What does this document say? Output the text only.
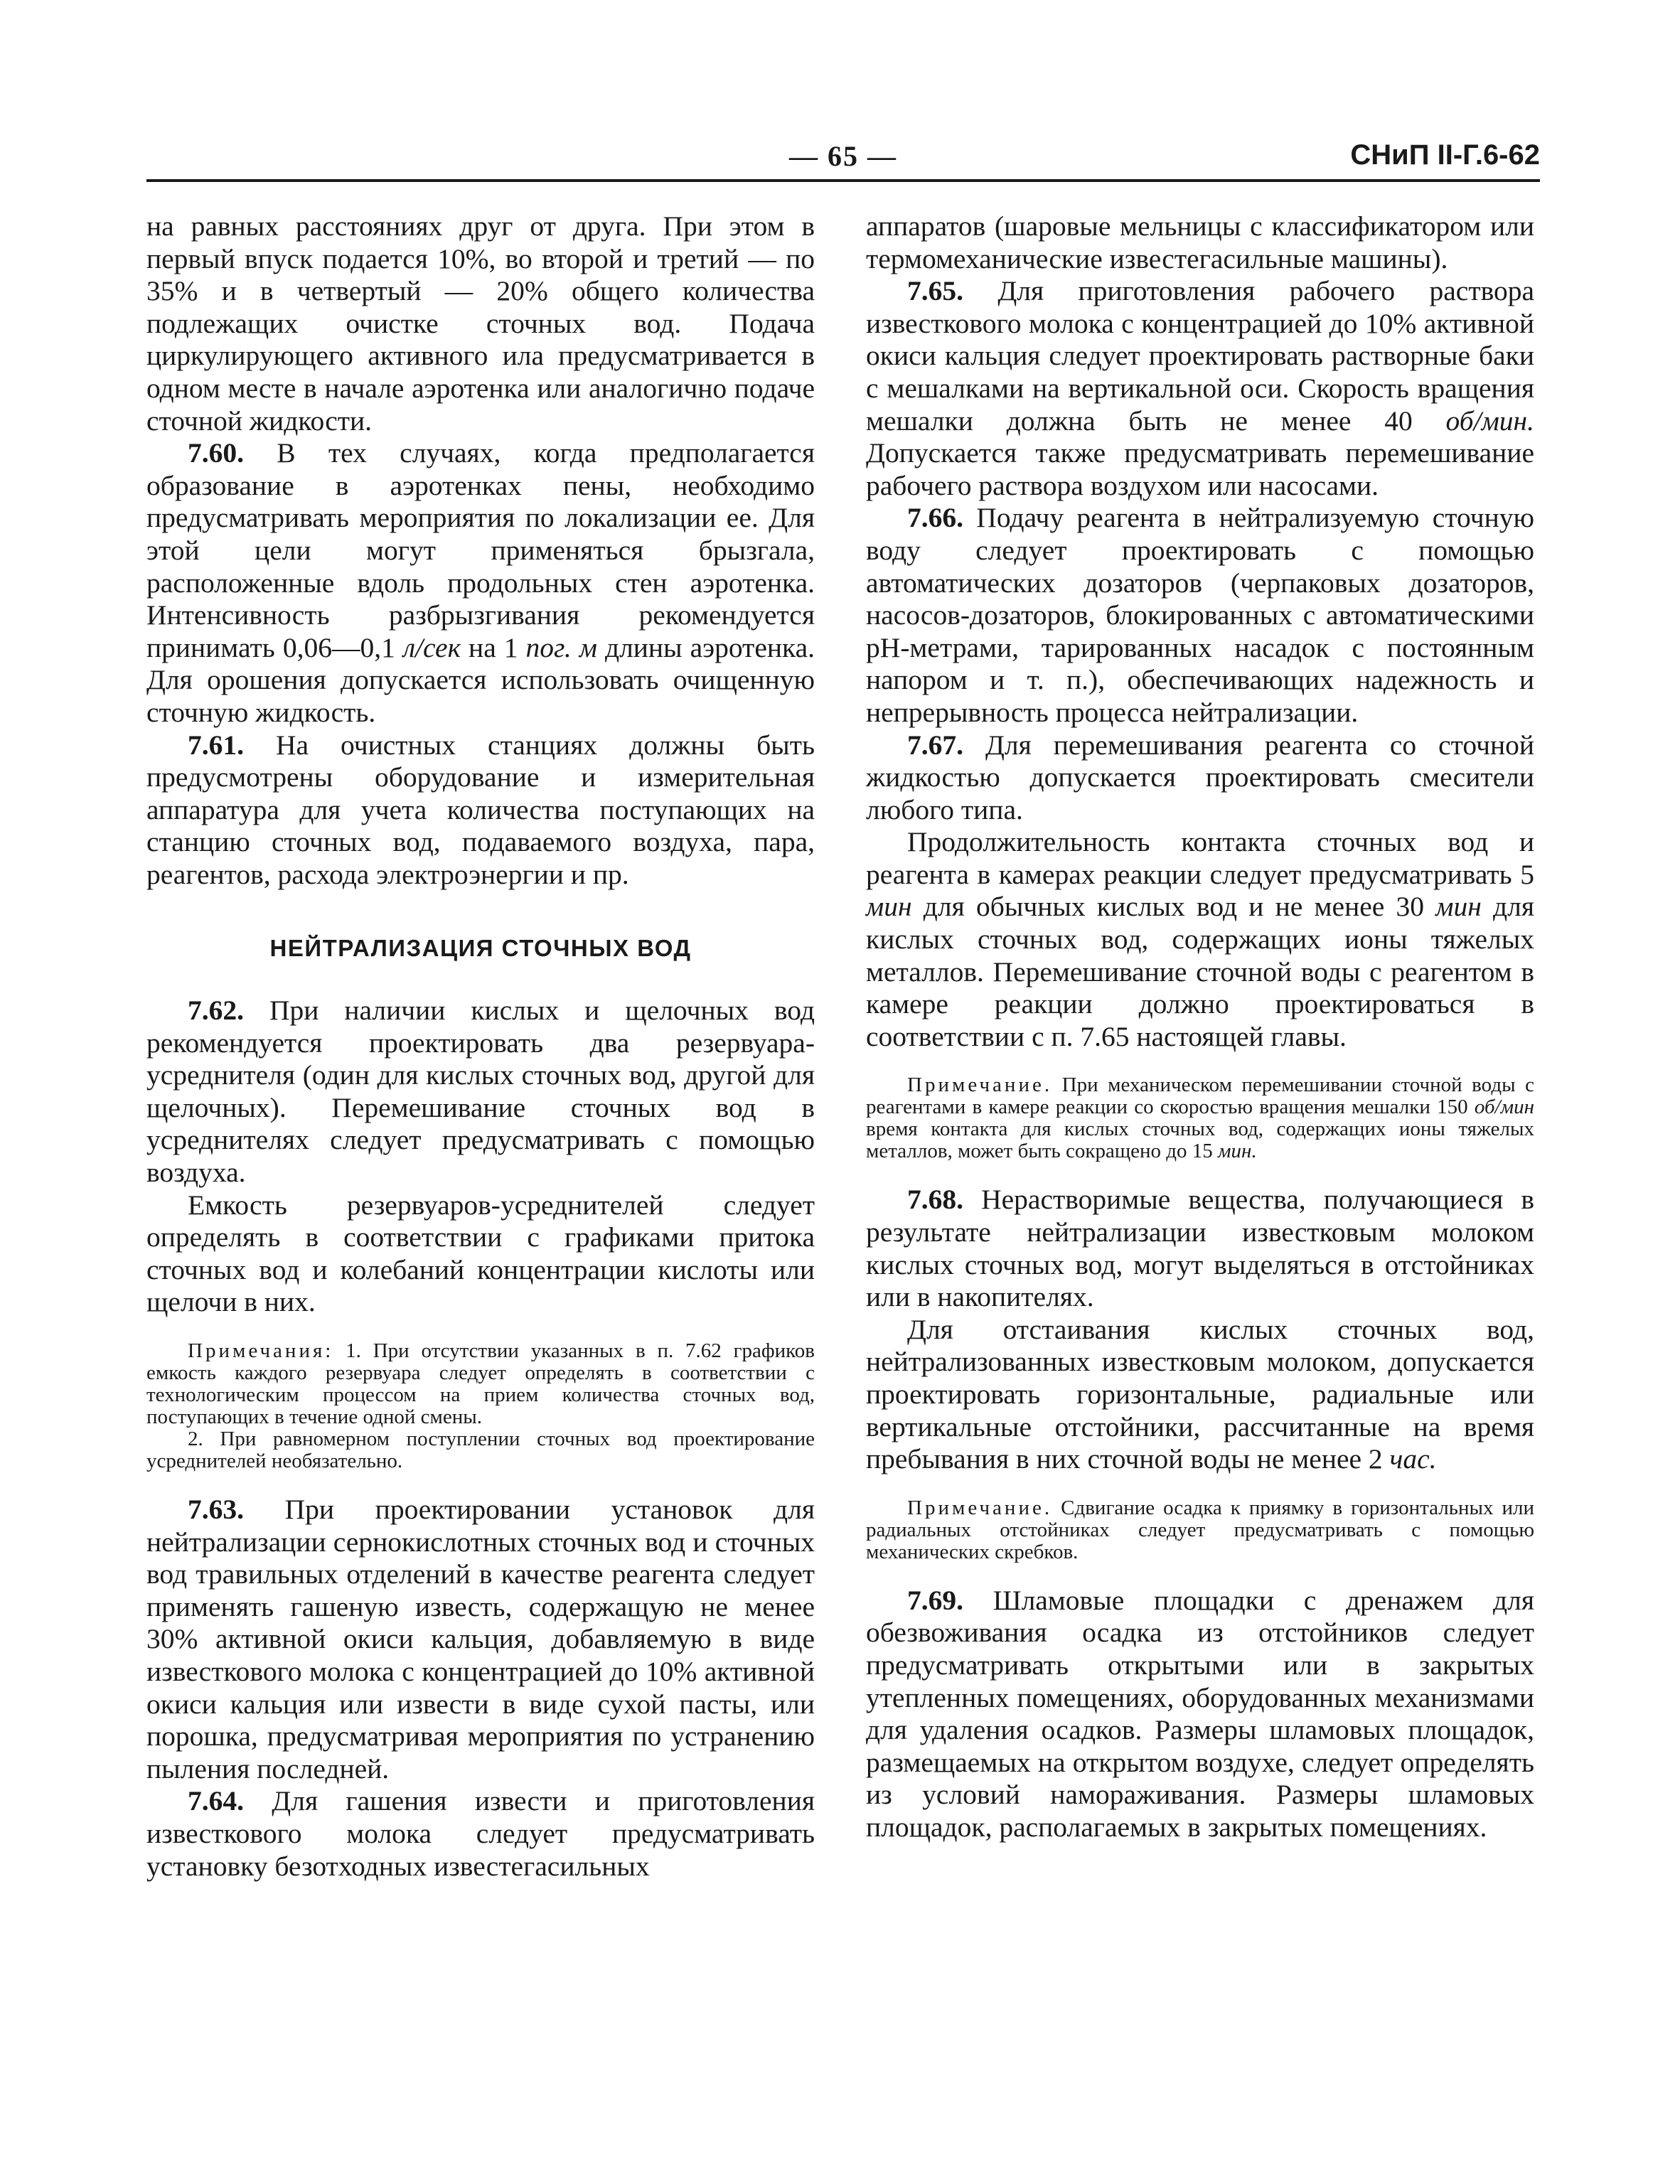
— 65 —	СНиП II-Г.6-62

на равных расстояниях друг от друга. При этом в первый впуск подается 10%, во второй и третий — по 35% и в четвертый — 20% общего количества подлежащих очистке сточных вод. Подача циркулирующего активного ила предусматривается в одном месте в начале аэротенка или аналогично подаче сточной жидкости.

7.60. В тех случаях, когда предполагается образование в аэротенках пены, необходимо предусматривать мероприятия по локализации ее. Для этой цели могут применяться брызгала, расположенные вдоль продольных стен аэротенка. Интенсивность разбрызгивания рекомендуется принимать 0,06—0,1 л/сек на 1 пог. м длины аэротенка. Для орошения допускается использовать очищенную сточную жидкость.

7.61. На очистных станциях должны быть предусмотрены оборудование и измерительная аппаратура для учета количества поступающих на станцию сточных вод, подаваемого воздуха, пара, реагентов, расхода электроэнергии и пр.

НЕЙТРАЛИЗАЦИЯ СТОЧНЫХ ВОД

7.62. При наличии кислых и щелочных вод рекомендуется проектировать два резервуара-усреднителя (один для кислых сточных вод, другой для щелочных). Перемешивание сточных вод в усреднителях следует предусматривать с помощью воздуха.

Емкость резервуаров-усреднителей следует определять в соответствии с графиками притока сточных вод и колебаний концентрации кислоты или щелочи в них.

Примечания: 1. При отсутствии указанных в п. 7.62 графиков емкость каждого резервуара следует определять в соответствии с технологическим процессом на прием количества сточных вод, поступающих в течение одной смены.

2. При равномерном поступлении сточных вод проектирование усреднителей необязательно.

7.63. При проектировании установок для нейтрализации сернокислотных сточных вод и сточных вод травильных отделений в качестве реагента следует применять гашеную известь, содержащую не менее 30% активной окиси кальция, добавляемую в виде известкового молока с концентрацией до 10% активной окиси кальция или извести в виде сухой пасты, или порошка, предусматривая мероприятия по устранению пыления последней.

7.64. Для гашения извести и приготовления известкового молока следует предусматривать установку безотходных известегасильных

аппаратов (шаровые мельницы с классификатором или термомеханические известегасильные машины).

7.65. Для приготовления рабочего раствора известкового молока с концентрацией до 10% активной окиси кальция следует проектировать растворные баки с мешалками на вертикальной оси. Скорость вращения мешалки должна быть не менее 40 об/мин. Допускается также предусматривать перемешивание рабочего раствора воздухом или насосами.

7.66. Подачу реагента в нейтрализуемую сточную воду следует проектировать с помощью автоматических дозаторов (черпаковых дозаторов, насосов-дозаторов, блокированных с автоматическими pH-метрами, тарированных насадок с постоянным напором и т. п.), обеспечивающих надежность и непрерывность процесса нейтрализации.

7.67. Для перемешивания реагента со сточной жидкостью допускается проектировать смесители любого типа.

Продолжительность контакта сточных вод и реагента в камерах реакции следует предусматривать 5 мин для обычных кислых вод и не менее 30 мин для кислых сточных вод, содержащих ионы тяжелых металлов. Перемешивание сточной воды с реагентом в камере реакции должно проектироваться в соответствии с п. 7.65 настоящей главы.

Примечание. При механическом перемешивании сточной воды с реагентами в камере реакции со скоростью вращения мешалки 150 об/мин время контакта для кислых сточных вод, содержащих ионы тяжелых металлов, может быть сокращено до 15 мин.

7.68. Нерастворимые вещества, получающиеся в результате нейтрализации известковым молоком кислых сточных вод, могут выделяться в отстойниках или в накопителях.

Для отстаивания кислых сточных вод, нейтрализованных известковым молоком, допускается проектировать горизонтальные, радиальные или вертикальные отстойники, рассчитанные на время пребывания в них сточной воды не менее 2 час.

Примечание. Сдвигание осадка к приямку в горизонтальных или радиальных отстойниках следует предусматривать с помощью механических скребков.

7.69. Шламовые площадки с дренажем для обезвоживания осадка из отстойников следует предусматривать открытыми или в закрытых утепленных помещениях, оборудованных механизмами для удаления осадков. Размеры шламовых площадок, размещаемых на открытом воздухе, следует определять из условий намораживания. Размеры шламовых площадок, располагаемых в закрытых помещениях.
